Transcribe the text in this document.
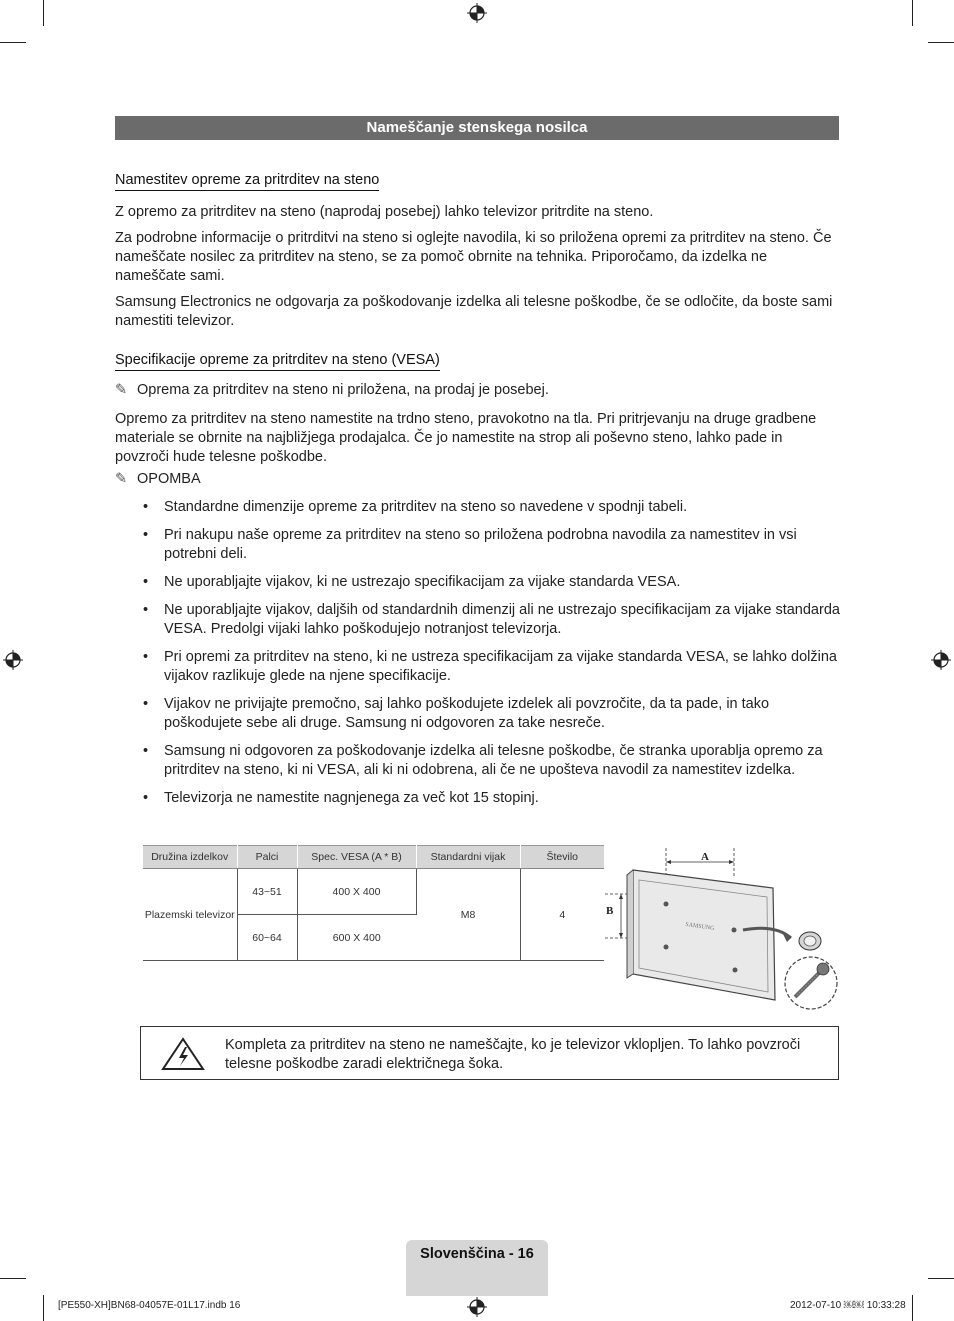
Nameščanje stenskega nosilca
Namestitev opreme za pritrditev na steno
Z opremo za pritrditev na steno (naprodaj posebej) lahko televizor pritrdite na steno.
Za podrobne informacije o pritrditvi na steno si oglejte navodila, ki so priložena opremi za pritrditev na steno. Če nameščate nosilec za pritrditev na steno, se za pomoč obrnite na tehnika. Priporočamo, da izdelka ne nameščate sami.
Samsung Electronics ne odgovarja za poškodovanje izdelka ali telesne poškodbe, če se odločite, da boste sami namestiti televizor.
Specifikacije opreme za pritrditev na steno (VESA)
✎ Oprema za pritrditev na steno ni priložena, na prodaj je posebej.
Opremo za pritrditev na steno namestite na trdno steno, pravokotno na tla. Pri pritrjevanju na druge gradbene materiale se obrnite na najbližjega prodajalca. Če jo namestite na strop ali poševno steno, lahko pade in povzroči hude telesne poškodbe.
✎ OPOMBA
• Standardne dimenzije opreme za pritrditev na steno so navedene v spodnji tabeli.
• Pri nakupu naše opreme za pritrditev na steno so priložena podrobna navodila za namestitev in vsi potrebni deli.
• Ne uporabljajte vijakov, ki ne ustrezajo specifikacijam za vijake standarda VESA.
• Ne uporabljajte vijakov, daljših od standardnih dimenzij ali ne ustrezajo specifikacijam za vijake standarda VESA. Predolgi vijaki lahko poškodujejo notranjost televizorja.
• Pri opremi za pritrditev na steno, ki ne ustreza specifikacijam za vijake standarda VESA, se lahko dolžina vijakov razlikuje glede na njene specifikacije.
• Vijakov ne privijajte premočno, saj lahko poškodujete izdelek ali povzročite, da ta pade, in tako poškodujete sebe ali druge. Samsung ni odgovoren za take nesreče.
• Samsung ni odgovoren za poškodovanje izdelka ali telesne poškodbe, če stranka uporablja opremo za pritrditev na steno, ki ni VESA, ali ki ni odobrena, ali če ne upošteva navodil za namestitev izdelka.
• Televizorja ne namestite nagnjenega za več kot 15 stopinj.
Družina izdelkov	Palci	Spec. VESA (A * B)	Standardni vijak	Število
Plazemski televizor	43~51	400 X 400	M8	4
	60~64	600 X 400		
A
B
SAMSUNG
Kompleta za pritrditev na steno ne nameščajte, ko je televizor vklopljen. To lahko povzroči telesne poškodbe zaradi električnega šoka.
Slovenščina - 16
[PE550-XH]BN68-04057E-01L17.indb 16	2012-07-10 ￼￼ 10:33:28
